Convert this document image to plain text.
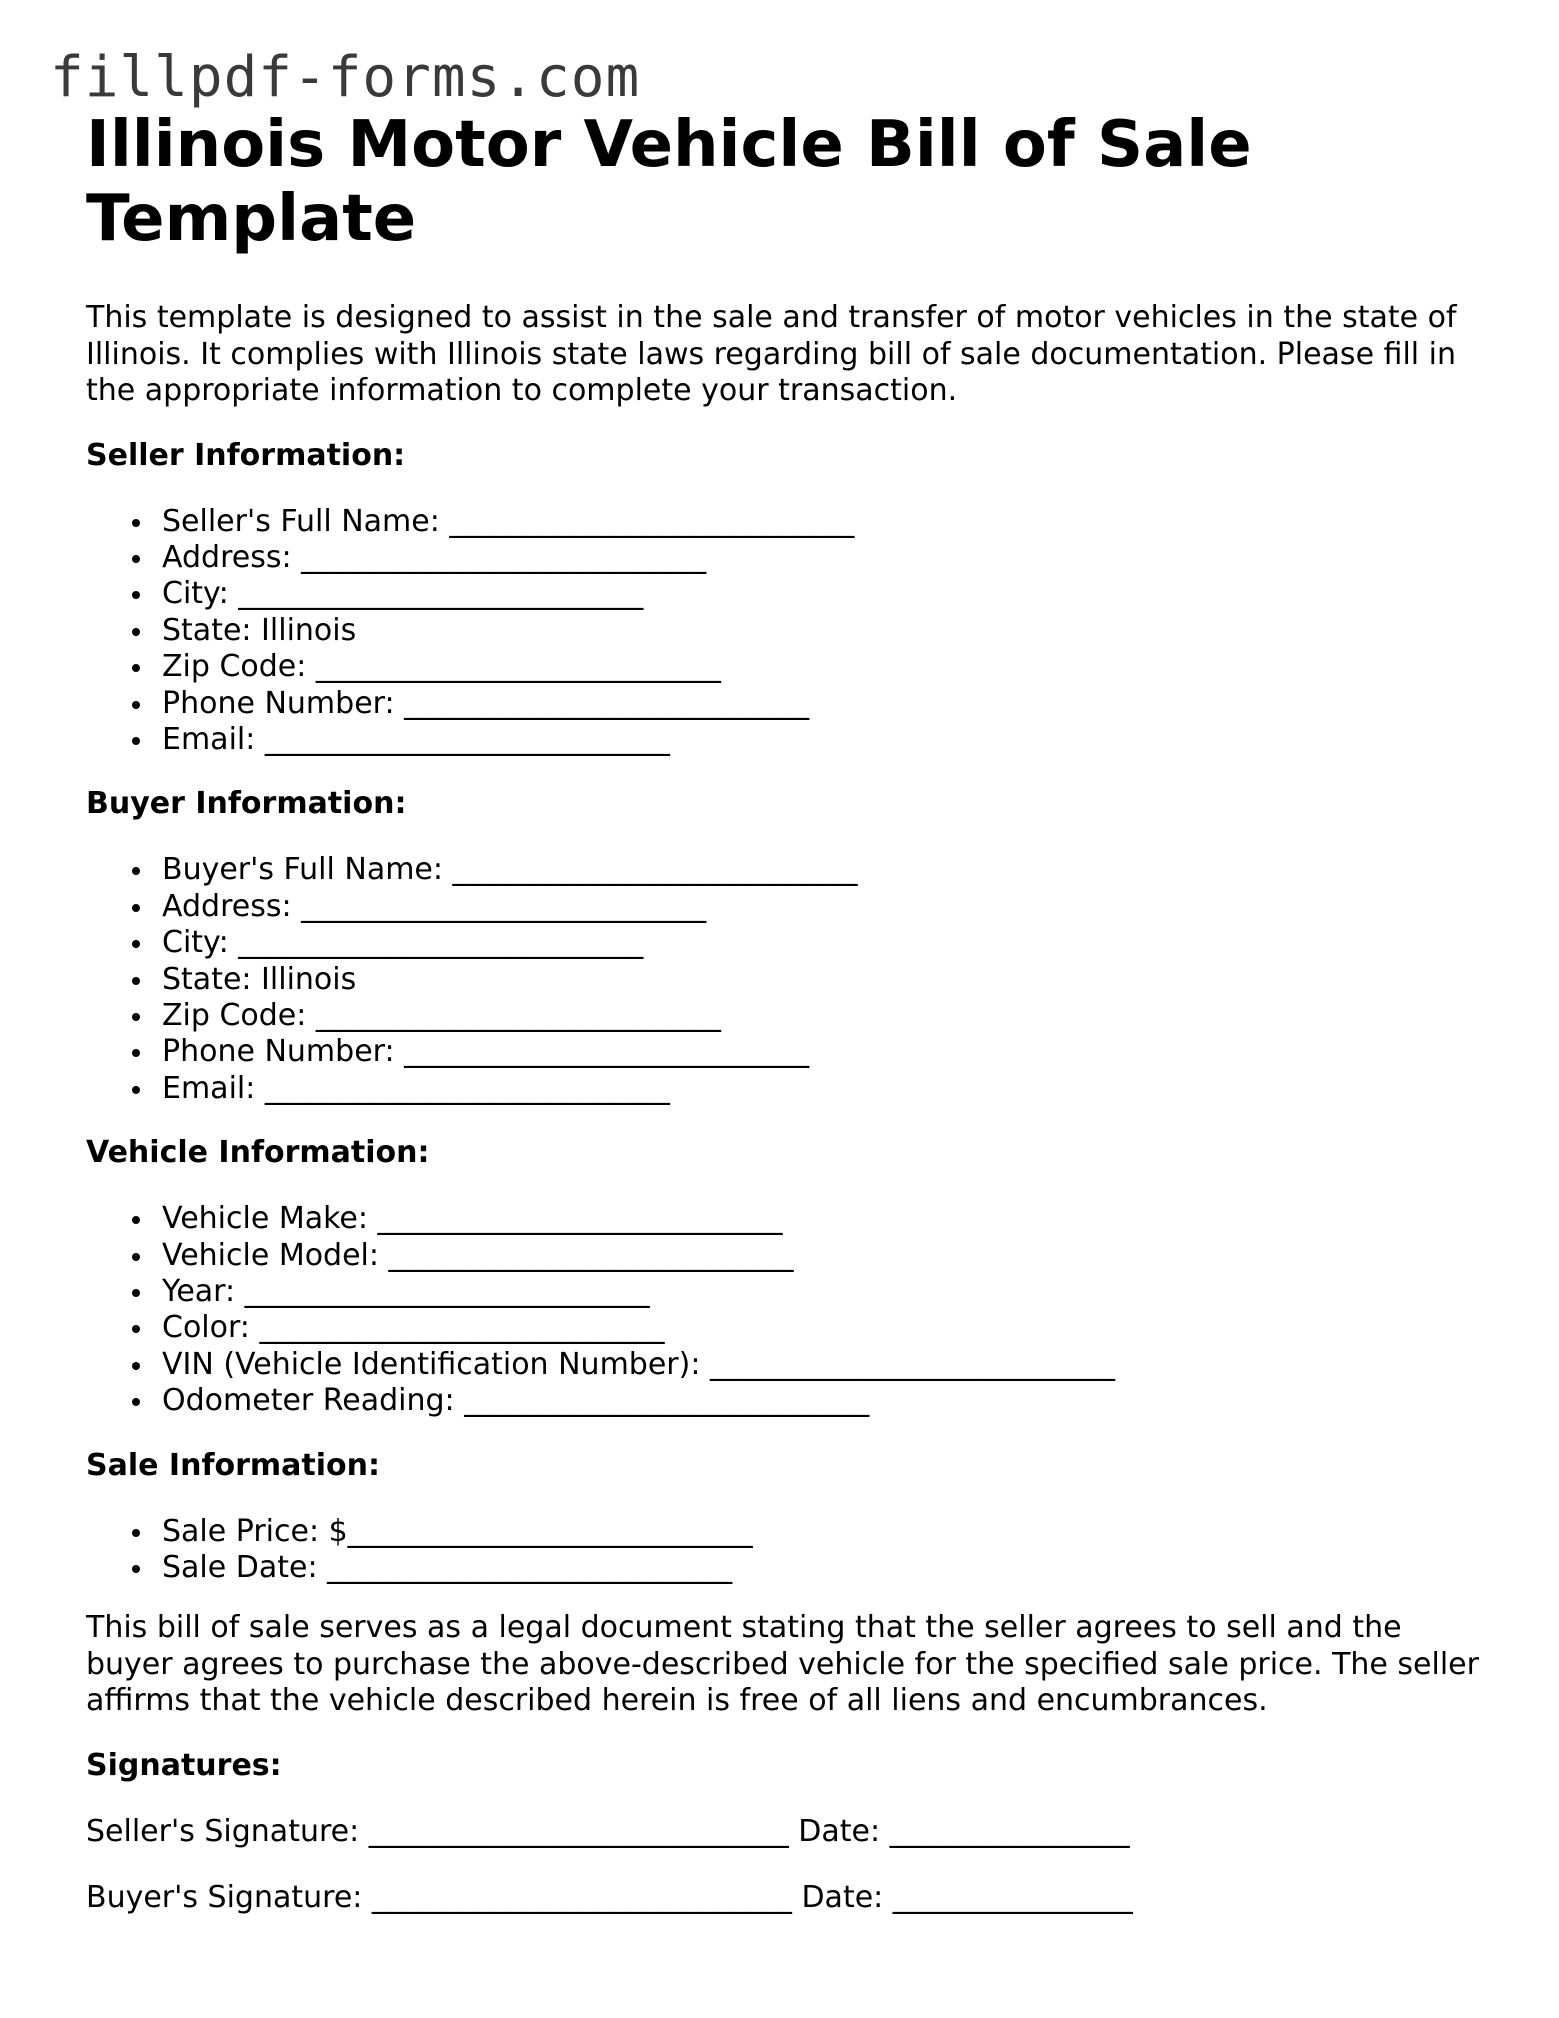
fillpdf-forms.com
Illinois Motor Vehicle Bill of Sale Template

This template is designed to assist in the sale and transfer of motor vehicles in the state of Illinois. It complies with Illinois state laws regarding bill of sale documentation. Please fill in the appropriate information to complete your transaction.

Seller Information:
Seller's Full Name: ___________________________
Address: ___________________________
City: ___________________________
State: Illinois
Zip Code: ___________________________
Phone Number: ___________________________
Email: ___________________________
Buyer Information:
Buyer's Full Name: ___________________________
Address: ___________________________
City: ___________________________
State: Illinois
Zip Code: ___________________________
Phone Number: ___________________________
Email: ___________________________
Vehicle Information:
Vehicle Make: ___________________________
Vehicle Model: ___________________________
Year: ___________________________
Color: ___________________________
VIN (Vehicle Identification Number): ___________________________
Odometer Reading: ___________________________
Sale Information:
Sale Price: $___________________________
Sale Date: ___________________________

This bill of sale serves as a legal document stating that the seller agrees to sell and the buyer agrees to purchase the above-described vehicle for the specified sale price. The seller affirms that the vehicle described herein is free of all liens and encumbrances.

Signatures:

Seller's Signature: ____________________________ Date: ________________

Buyer's Signature: ____________________________ Date: ________________
